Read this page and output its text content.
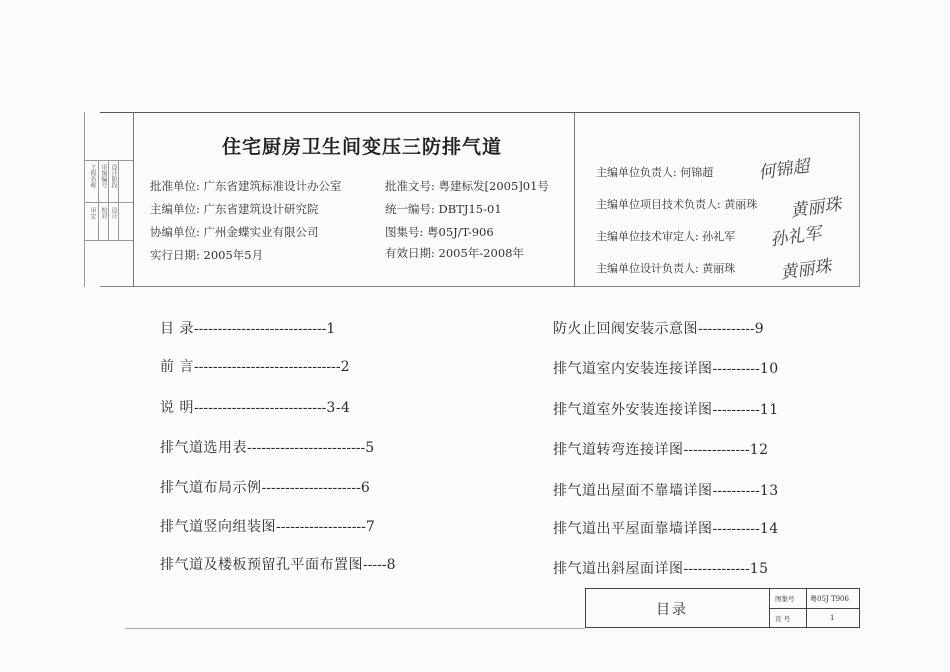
工程名称 审图编号 设计阶段
审定 校对 设计
住宅厨房卫生间变压三防排气道
批准单位: 广东省建筑标准设计办公室
主编单位: 广东省建筑设计研究院
协编单位: 广州金蝶实业有限公司
实行日期: 2005年5月
批准文号: 粤建标发[2005]01号
统一编号: DBTJ15-01
图集号: 粤05J/T-906
有效日期: 2005年-2008年
主编单位负责人: 何锦超
主编单位项目技术负责人: 黄丽珠
主编单位技术审定人: 孙礼军
主编单位设计负责人: 黄丽珠
何锦超
黄丽珠
孙礼军
黄丽珠
目 录----------------------------1
前 言-------------------------------2
说 明----------------------------3-4
排气道选用表-------------------------5
排气道布局示例---------------------6
排气道竖向组装图-------------------7
排气道及楼板预留孔平面布置图-----8
防火止回阀安装示意图------------9
排气道室内安装连接详图----------10
排气道室外安装连接详图----------11
排气道转弯连接详图--------------12
排气道出屋面不靠墙详图----------13
排气道出平屋面靠墙详图----------14
排气道出斜屋面详图--------------15
目录
图集号 粤05J T906
页 号	1
